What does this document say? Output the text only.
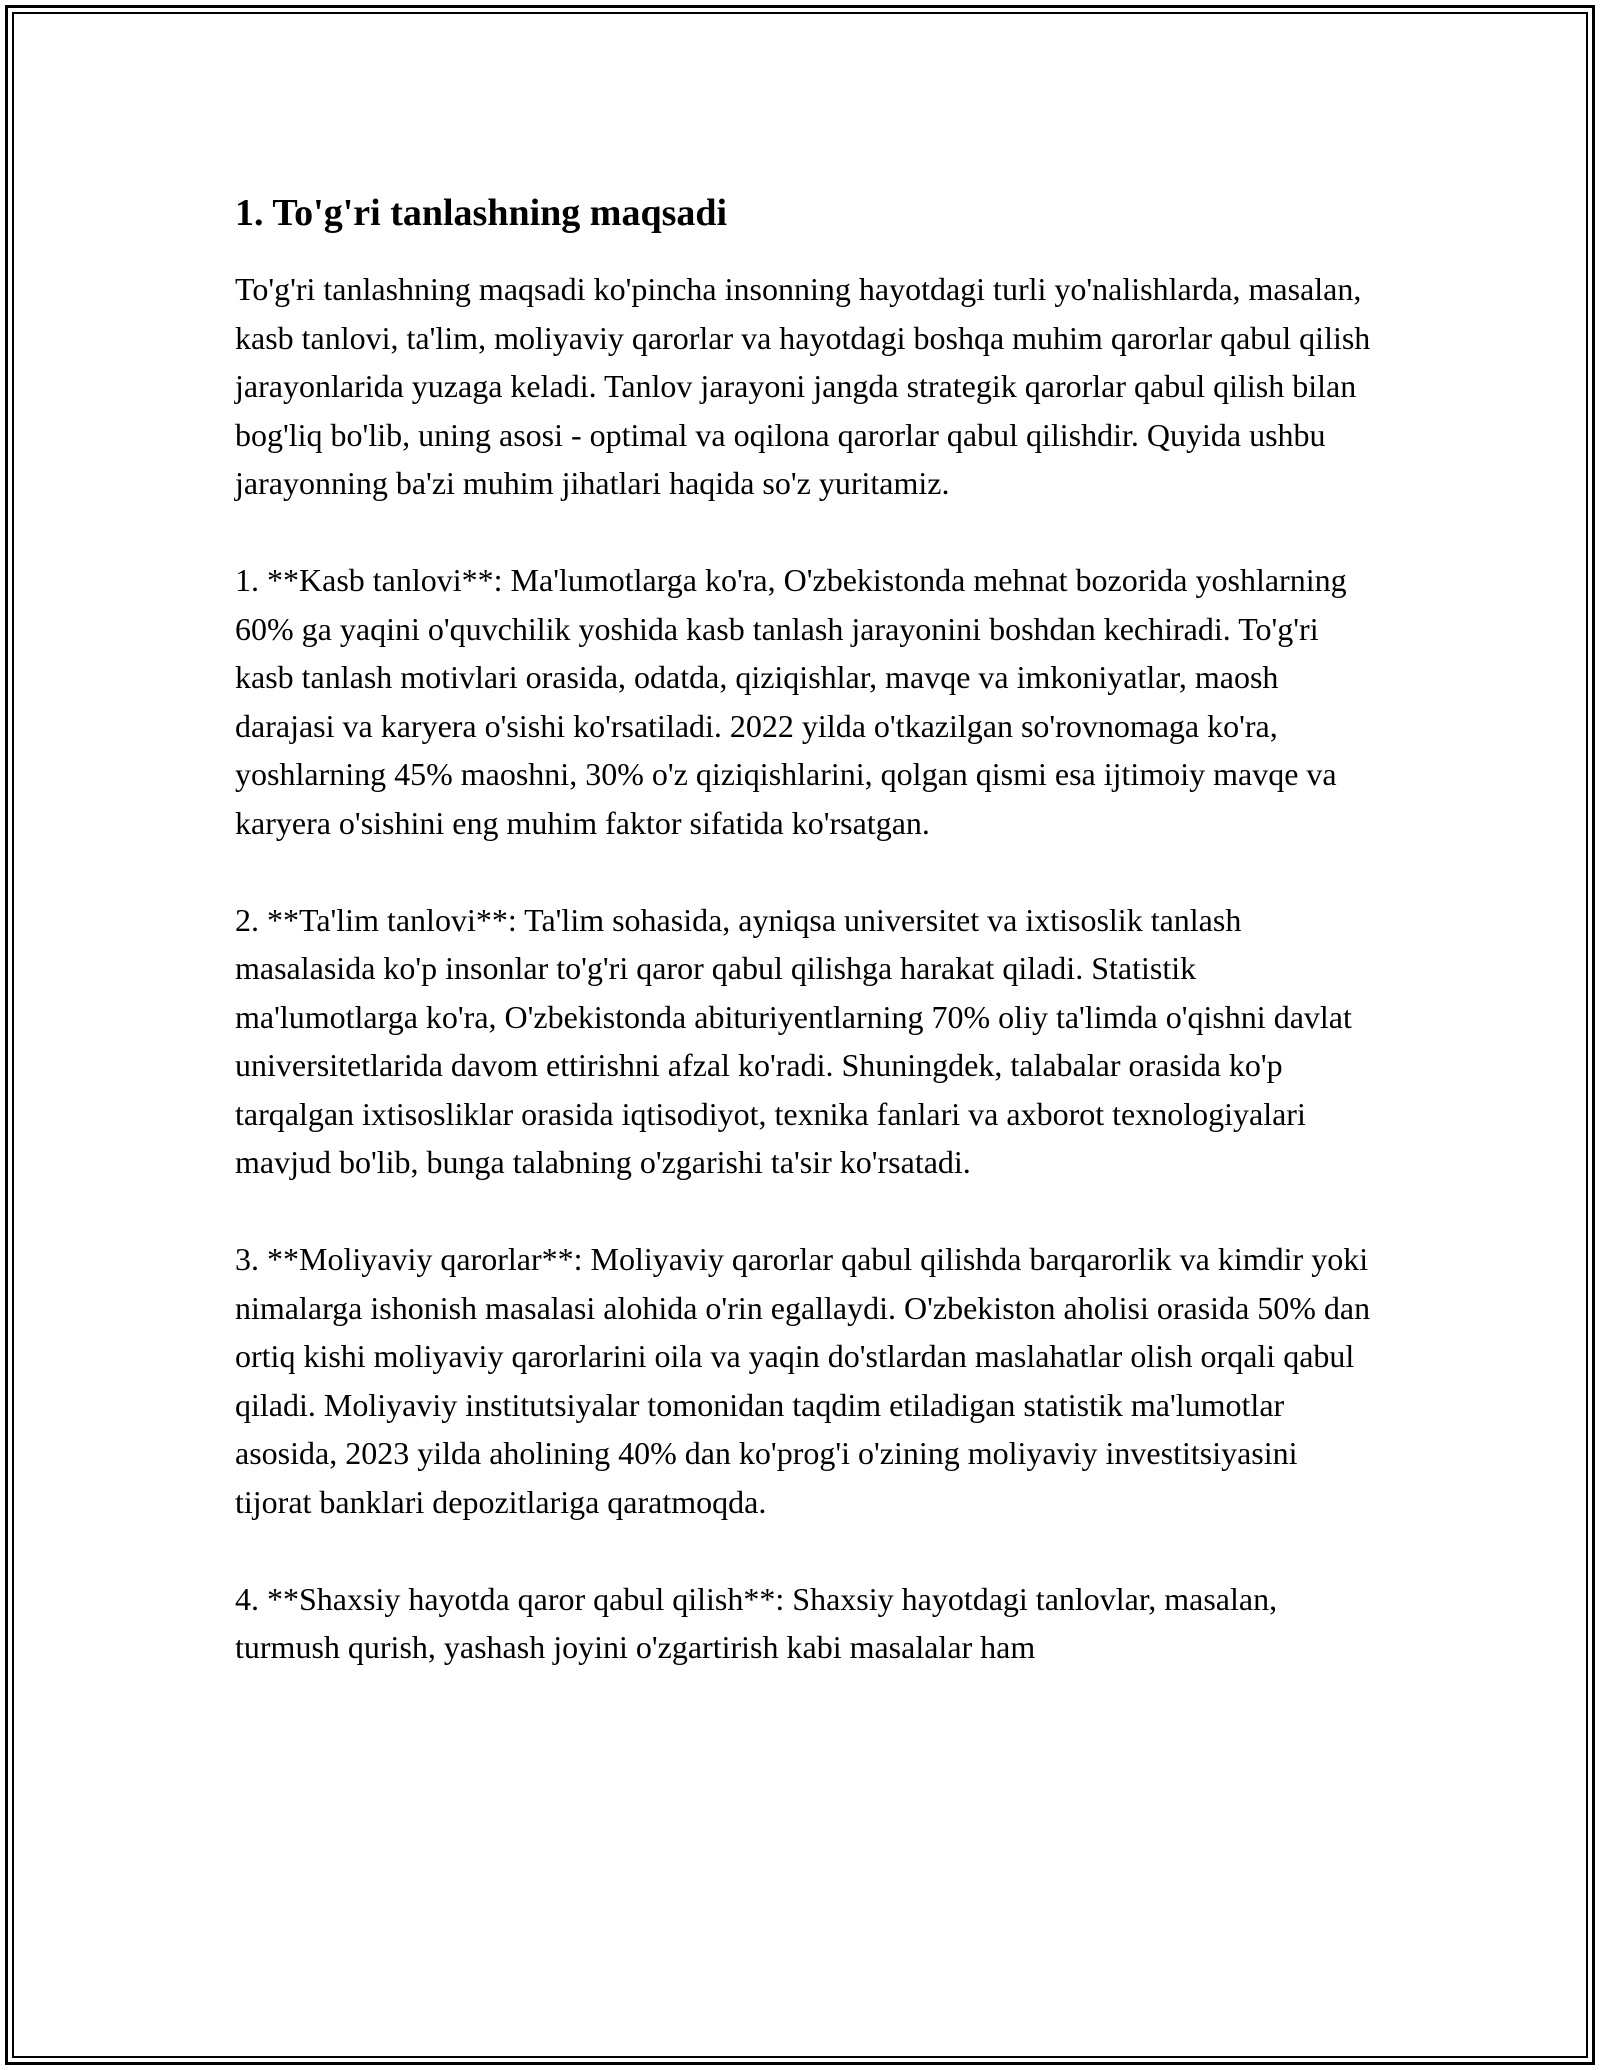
1. To'g'ri tanlashning maqsadi

To'g'ri tanlashning maqsadi ko'pincha insonning hayotdagi turli yo'nalishlarda, masalan, kasb tanlovi, ta'lim, moliyaviy qarorlar va hayotdagi boshqa muhim qarorlar qabul qilish jarayonlarida yuzaga keladi. Tanlov jarayoni jangda strategik qarorlar qabul qilish bilan bog'liq bo'lib, uning asosi - optimal va oqilona qarorlar qabul qilishdir. Quyida ushbu jarayonning ba'zi muhim jihatlari haqida so'z yuritamiz.

1. **Kasb tanlovi**: Ma'lumotlarga ko'ra, O'zbekistonda mehnat bozorida yoshlarning 60% ga yaqini o'quvchilik yoshida kasb tanlash jarayonini boshdan kechiradi. To'g'ri kasb tanlash motivlari orasida, odatda, qiziqishlar, mavqe va imkoniyatlar, maosh darajasi va karyera o'sishi ko'rsatiladi. 2022 yilda o'tkazilgan so'rovnomaga ko'ra, yoshlarning 45% maoshni, 30% o'z qiziqishlarini, qolgan qismi esa ijtimoiy mavqe va karyera o'sishini eng muhim faktor sifatida ko'rsatgan.

2. **Ta'lim tanlovi**: Ta'lim sohasida, ayniqsa universitet va ixtisoslik tanlash masalasida ko'p insonlar to'g'ri qaror qabul qilishga harakat qiladi. Statistik ma'lumotlarga ko'ra, O'zbekistonda abituriyentlarning 70% oliy ta'limda o'qishni davlat universitetlarida davom ettirishni afzal ko'radi. Shuningdek, talabalar orasida ko'p tarqalgan ixtisosliklar orasida iqtisodiyot, texnika fanlari va axborot texnologiyalari mavjud bo'lib, bunga talabning o'zgarishi ta'sir ko'rsatadi.

3. **Moliyaviy qarorlar**: Moliyaviy qarorlar qabul qilishda barqarorlik va kimdir yoki nimalarga ishonish masalasi alohida o'rin egallaydi. O'zbekiston aholisi orasida 50% dan ortiq kishi moliyaviy qarorlarini oila va yaqin do'stlardan maslahatlar olish orqali qabul qiladi. Moliyaviy institutsiyalar tomonidan taqdim etiladigan statistik ma'lumotlar asosida, 2023 yilda aholining 40% dan ko'prog'i o'zining moliyaviy investitsiyasini tijorat banklari depozitlariga qaratmoqda.

4. **Shaxsiy hayotda qaror qabul qilish**: Shaxsiy hayotdagi tanlovlar, masalan, turmush qurish, yashash joyini o'zgartirish kabi masalalar ham
